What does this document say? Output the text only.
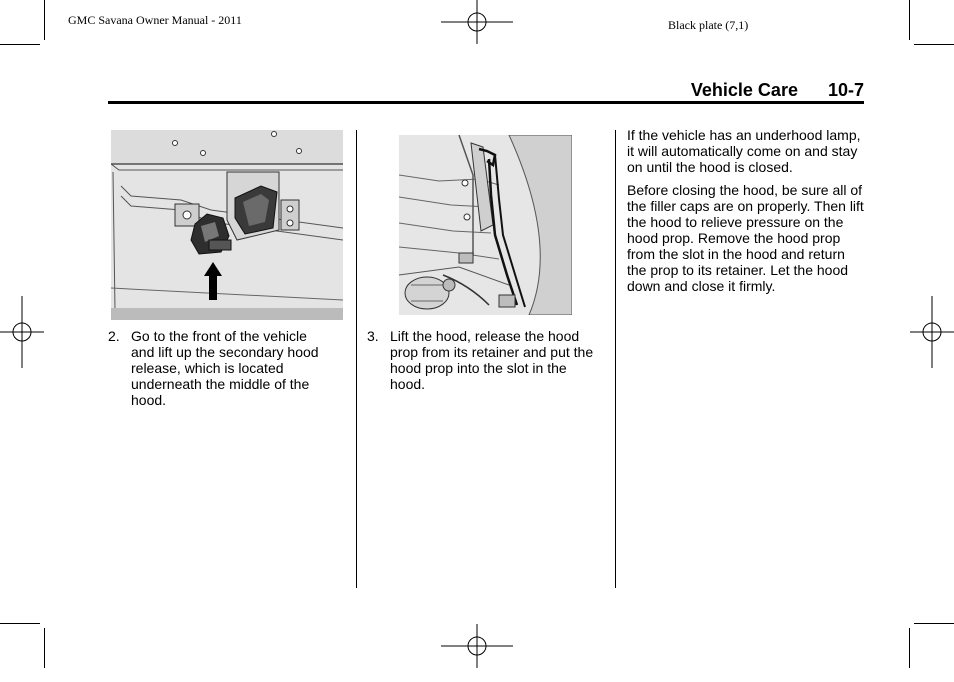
GMC Savana Owner Manual - 2011	Black plate (7,1)
Vehicle Care 10-7
2. Go to the front of the vehicle and lift up the secondary hood release, which is located underneath the middle of the hood.
3. Lift the hood, release the hood prop from its retainer and put the hood prop into the slot in the hood.

If the vehicle has an underhood lamp, it will automatically come on and stay on until the hood is closed.

Before closing the hood, be sure all of the filler caps are on properly. Then lift the hood to relieve pressure on the hood prop. Remove the hood prop from the slot in the hood and return the prop to its retainer. Let the hood down and close it firmly.
